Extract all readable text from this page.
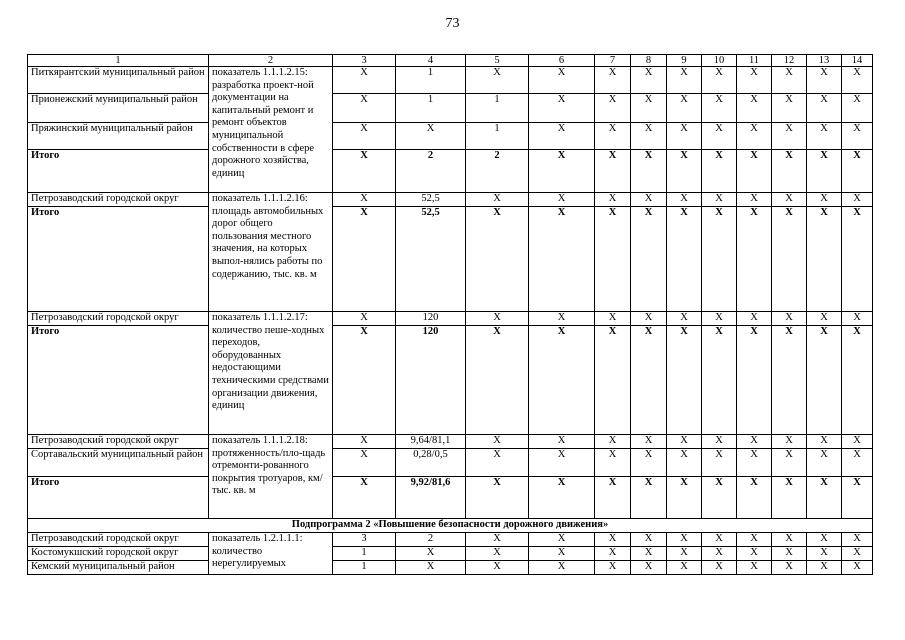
73
1	2	3	4	5	6	7	8	9	10	11	12	13	14
Питкярантский муниципальный район	показатель 1.1.1.2.15: разработка проект-ной документации на капитальный ремонт и ремонт объектов муниципальной собственности в сфере дорожного хозяйства, единиц	X	1	X	X	X	X	X	X	X	X	X	X
Прионежский муниципальный район		X	1	1	X	X	X	X	X	X	X	X	X
Пряжинский муниципальный район		X	X	1	X	X	X	X	X	X	X	X	X
Итого		X	2	2	X	X	X	X	X	X	X	X	X
Петрозаводский городской округ	показатель 1.1.1.2.16: площадь автомобильных дорог общего пользования местного значения, на которых выпол-нялись работы по содержанию, тыс. кв. м	X	52,5	X	X	X	X	X	X	X	X	X	X
Итого		X	52,5	X	X	X	X	X	X	X	X	X	X
Петрозаводский городской округ	показатель 1.1.1.2.17: количество пеше-ходных переходов, оборудованных недостающими техническими средствами организации движения, единиц	X	120	X	X	X	X	X	X	X	X	X	X
Итого		X	120	X	X	X	X	X	X	X	X	X	X
Петрозаводский городской округ	показатель 1.1.1.2.18: протяженность/пло-щадь отремонти-рованного покрытия тротуаров, км/тыс. кв. м	X	9,64/81,1	X	X	X	X	X	X	X	X	X	X
Сортавальский муниципальный район		X	0,28/0,5	X	X	X	X	X	X	X	X	X	X
Итого		X	9,92/81,6	X	X	X	X	X	X	X	X	X	X
Подпрограмма 2 «Повышение безопасности дорожного движения»													
Петрозаводский городской округ	показатель 1.2.1.1.1: количество нерегулируемых	3	2	X	X	X	X	X	X	X	X	X	X
Костомукшский городской округ		1	X	X	X	X	X	X	X	X	X	X	X
Кемский муниципальный район		1	X	X	X	X	X	X	X	X	X	X	X
